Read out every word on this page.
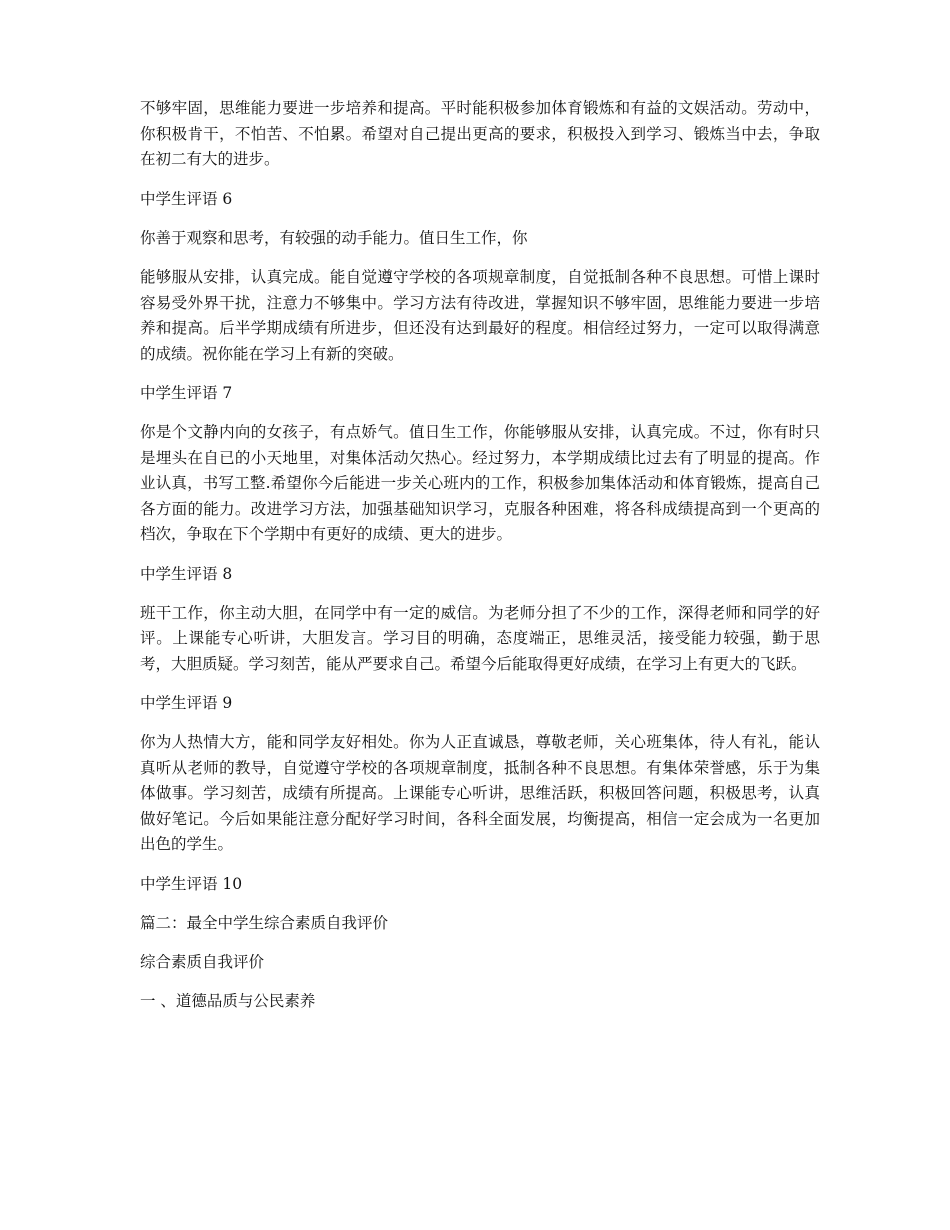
不够牢固，思维能力要进一步培养和提高。平时能积极参加体育锻炼和有益的文娱活动。劳动中，你积极肯干，不怕苦、不怕累。希望对自己提出更高的要求，积极投入到学习、锻炼当中去，争取在初二有大的进步。

中学生评语 6

你善于观察和思考，有较强的动手能力。值日生工作，你

能够服从安排，认真完成。能自觉遵守学校的各项规章制度，自觉抵制各种不良思想。可惜上课时容易受外界干扰，注意力不够集中。学习方法有待改进，掌握知识不够牢固，思维能力要进一步培养和提高。后半学期成绩有所进步，但还没有达到最好的程度。相信经过努力，一定可以取得满意的成绩。祝你能在学习上有新的突破。

中学生评语 7

你是个文静内向的女孩子，有点娇气。值日生工作，你能够服从安排，认真完成。不过，你有时只是埋头在自已的小天地里，对集体活动欠热心。经过努力，本学期成绩比过去有了明显的提高。作业认真，书写工整.希望你今后能进一步关心班内的工作，积极参加集体活动和体育锻炼，提高自己各方面的能力。改进学习方法，加强基础知识学习，克服各种困难，将各科成绩提高到一个更高的档次，争取在下个学期中有更好的成绩、更大的进步。

中学生评语 8

班干工作，你主动大胆，在同学中有一定的威信。为老师分担了不少的工作，深得老师和同学的好评。上课能专心听讲，大胆发言。学习目的明确，态度端正，思维灵活，接受能力较强，勤于思考，大胆质疑。学习刻苦，能从严要求自己。希望今后能取得更好成绩，在学习上有更大的飞跃。

中学生评语 9

你为人热情大方，能和同学友好相处。你为人正直诚恳，尊敬老师，关心班集体，待人有礼，能认真听从老师的教导，自觉遵守学校的各项规章制度，抵制各种不良思想。有集体荣誉感，乐于为集体做事。学习刻苦，成绩有所提高。上课能专心听讲，思维活跃，积极回答问题，积极思考，认真做好笔记。今后如果能注意分配好学习时间，各科全面发展，均衡提高，相信一定会成为一名更加出色的学生。

中学生评语 10

篇二：最全中学生综合素质自我评价

综合素质自我评价

一 、道德品质与公民素养
